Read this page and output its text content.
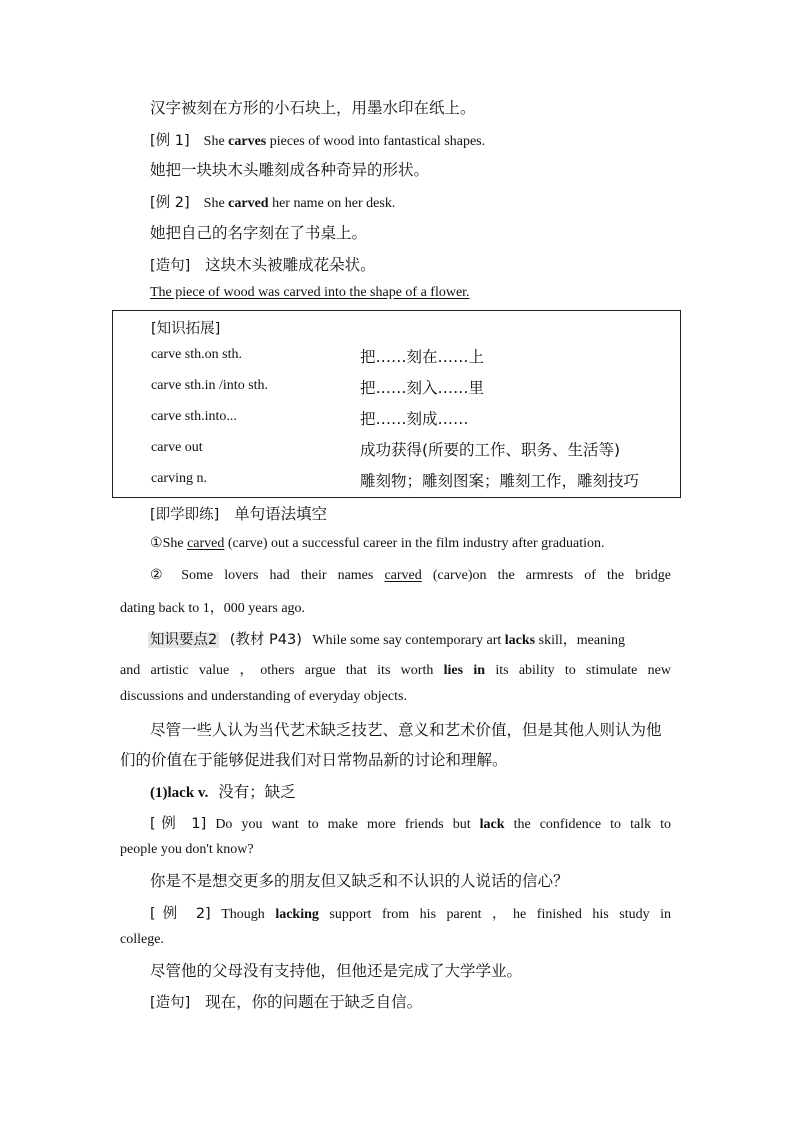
汉字被刻在方形的小石块上，用墨水印在纸上。
[例 1] She carves pieces of wood into fantastical shapes.
她把一块块木头雕刻成各种奇异的形状。
[例 2] She carved her name on her desk.
她把自己的名字刻在了书桌上。
[造句] 这块木头被雕成花朵状。
The piece of wood was carved into the shape of a flower.
[知识拓展]
carve sth.on sth.	把……刻在……上
carve sth.in /into sth.	把……刻入……里
carve sth.into...	把……刻成……
carve out	成功获得(所要的工作、职务、生活等)
carving n.	雕刻物；雕刻图案；雕刻工作，雕刻技巧
[即学即练] 单句语法填空
①She carved (carve) out a successful career in the film industry after graduation.
② Some lovers had their names carved (carve)on the armrests of the bridge
dating back to 1，000 years ago.
知识要点2 (教材 P43) While some say contemporary art lacks skill，meaning
and artistic value ，others argue that its worth lies in its ability to stimulate new
discussions and understanding of everyday objects.
尽管一些人认为当代艺术缺乏技艺、意义和艺术价值，但是其他人则认为他
们的价值在于能够促进我们对日常物品新的讨论和理解。
(1)lack v. 没有；缺乏
[例 1] Do you want to make more friends but lack the confidence to talk to
people you don't know?
你是不是想交更多的朋友但又缺乏和不认识的人说话的信心？
[例 2] Though lacking support from his parent ，he finished his study in
college.
尽管他的父母没有支持他，但他还是完成了大学学业。
[造句] 现在，你的问题在于缺乏自信。
